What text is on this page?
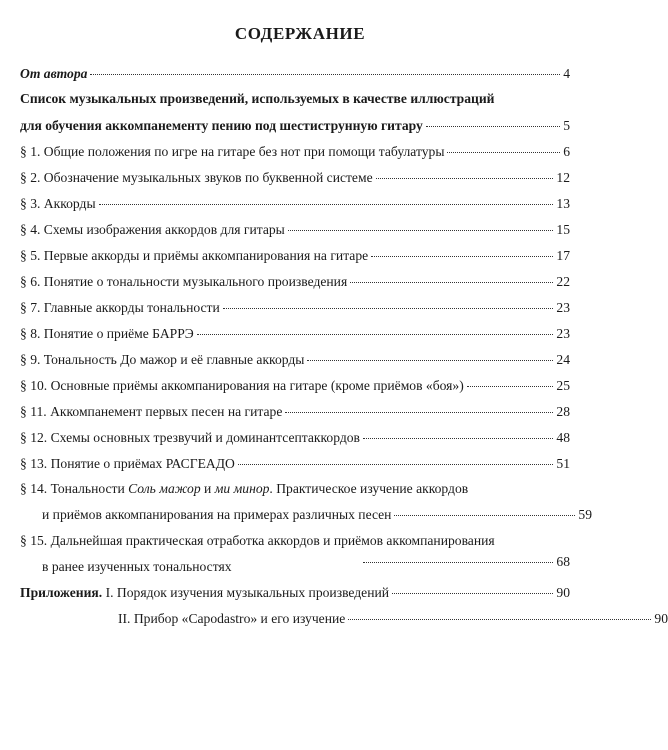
СОДЕРЖАНИЕ
От автора	4
Список музыкальных произведений, используемых в качестве иллюстраций
для обучения аккомпанементу пению под шестиструнную гитару	5
§ 1. Общие положения по игре на гитаре без нот при помощи табулатуры	6
§ 2. Обозначение музыкальных звуков по буквенной системе	12
§ 3. Аккорды	13
§ 4. Схемы изображения аккордов для гитары	15
§ 5. Первые аккорды и приёмы аккомпанирования на гитаре	17
§ 6. Понятие о тональности музыкального произведения	22
§ 7. Главные аккорды тональности	23
§ 8. Понятие о приёме БАРРЭ	23
§ 9. Тональность До мажор и её главные аккорды	24
§ 10. Основные приёмы аккомпанирования на гитаре (кроме приёмов «боя»)	25
§ 11. Аккомпанемент первых песен на гитаре	28
§ 12. Схемы основных трезвучий и доминантсептаккордов	48
§ 13. Понятие о приёмах РАСГЕАДО	51
§ 14. Тональности Соль мажор и ми минор. Практическое изучение аккордов
и приёмов аккомпанирования на примерах различных песен	59
§ 15. Дальнейшая практическая отработка аккордов и приёмов аккомпанирования
в ранее изученных тональностях	68
Приложения. I. Порядок изучения музыкальных произведений	90
II. Прибор «Capodastro» и его изучение	90
